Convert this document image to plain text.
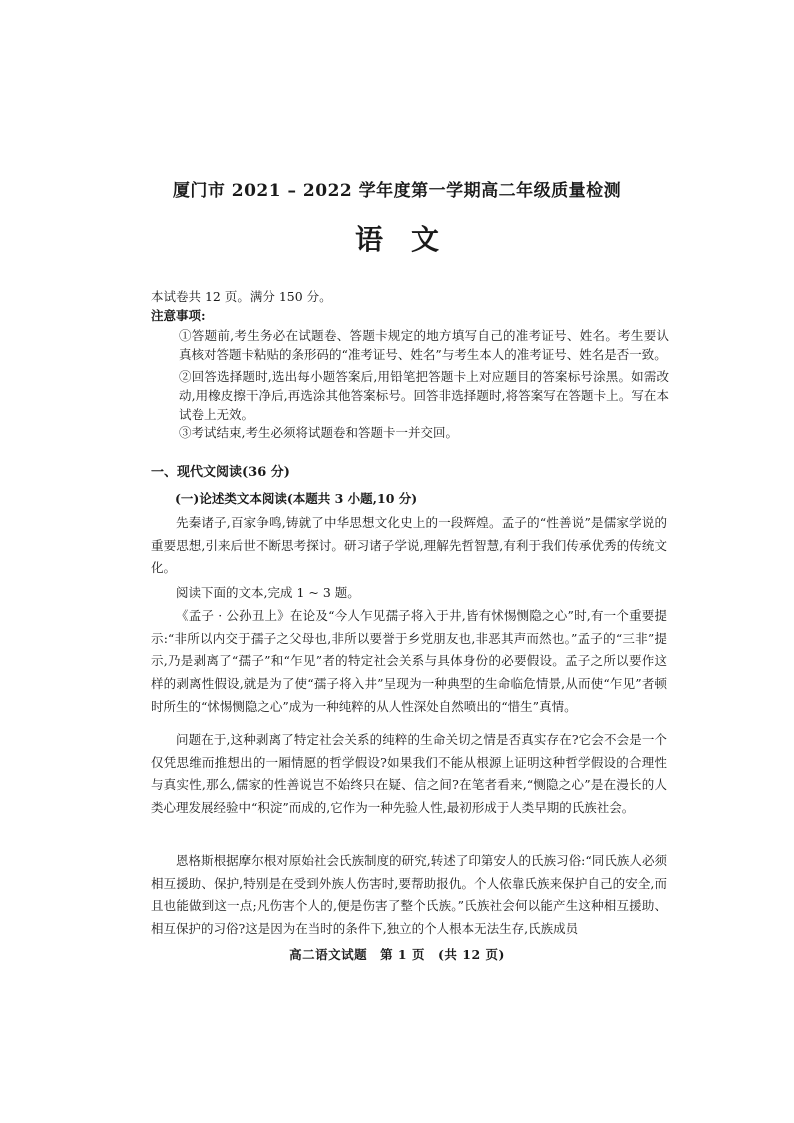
厦门市 2021 – 2022 学年度第一学期高二年级质量检测
语文
本试卷共 12 页。满分 150 分。
注意事项:
①答题前,考生务必在试题卷、答题卡规定的地方填写自己的准考证号、姓名。考生要认真核对答题卡粘贴的条形码的“准考证号、姓名”与考生本人的准考证号、姓名是否一致。
②回答选择题时,选出每小题答案后,用铅笔把答题卡上对应题目的答案标号涂黑。如需改动,用橡皮擦干净后,再选涂其他答案标号。回答非选择题时,将答案写在答题卡上。写在本试卷上无效。
③考试结束,考生必须将试题卷和答题卡一并交回。
一、现代文阅读(36 分)
(一)论述类文本阅读(本题共 3 小题,10 分)
先秦诸子,百家争鸣,铸就了中华思想文化史上的一段辉煌。孟子的“性善说”是儒家学说的重要思想,引来后世不断思考探讨。研习诸子学说,理解先哲智慧,有利于我们传承优秀的传统文化。
阅读下面的文本,完成 1 ~ 3 题。
《孟子 · 公孙丑上》在论及“今人乍见孺子将入于井,皆有怵惕恻隐之心”时,有一个重要提示:“非所以内交于孺子之父母也,非所以要誉于乡党朋友也,非恶其声而然也。”孟子的“三非”提示,乃是剥离了“孺子”和“乍见”者的特定社会关系与具体身份的必要假设。孟子之所以要作这样的剥离性假设,就是为了使“孺子将入井”呈现为一种典型的生命临危情景,从而使“乍见”者顿时所生的“怵惕恻隐之心”成为一种纯粹的从人性深处自然喷出的“惜生”真情。
问题在于,这种剥离了特定社会关系的纯粹的生命关切之情是否真实存在?它会不会是一个仅凭思维而推想出的一厢情愿的哲学假设?如果我们不能从根源上证明这种哲学假设的合理性与真实性,那么,儒家的性善说岂不始终只在疑、信之间?在笔者看来,“恻隐之心”是在漫长的人类心理发展经验中“积淀”而成的,它作为一种先验人性,最初形成于人类早期的氏族社会。
恩格斯根据摩尔根对原始社会氏族制度的研究,转述了印第安人的氏族习俗:“同氏族人必须相互援助、保护,特别是在受到外族人伤害时,要帮助报仇。个人依靠氏族来保护自己的安全,而且也能做到这一点;凡伤害个人的,便是伤害了整个氏族。”氏族社会何以能产生这种相互援助、相互保护的习俗?这是因为在当时的条件下,独立的个人根本无法生存,氏族成员
高二语文试题　第 1 页　(共 12 页)
